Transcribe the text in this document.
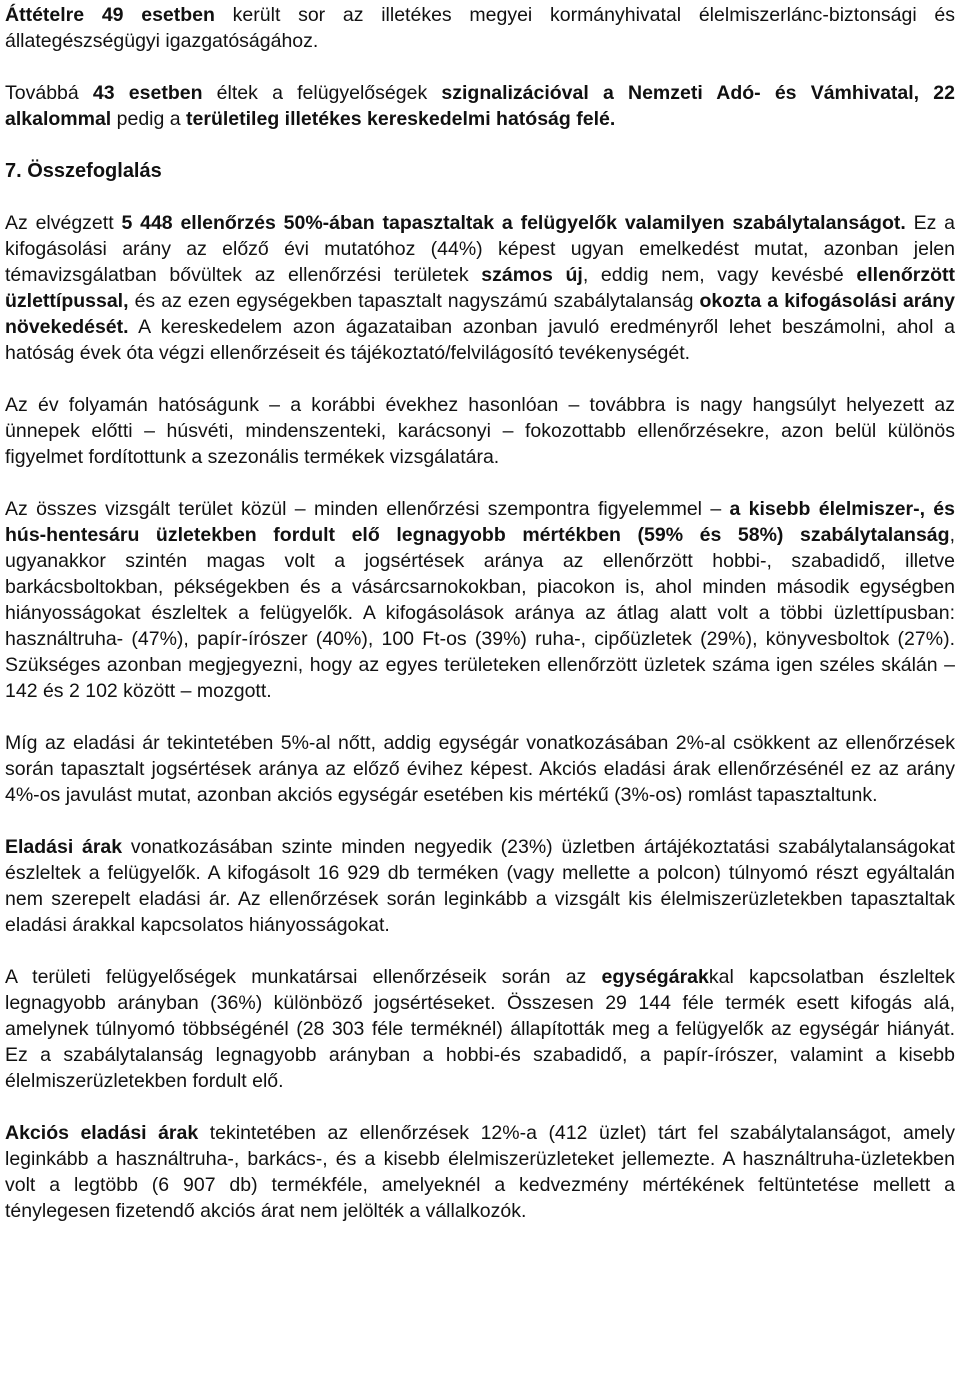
Áttételre 49 esetben került sor az illetékes megyei kormányhivatal élelmiszerlánc-biztonsági és állategészségügyi igazgatóságához.

Továbbá 43 esetben éltek a felügyelőségek szignalizációval a Nemzeti Adó- és Vámhivatal, 22 alkalommal pedig a területileg illetékes kereskedelmi hatóság felé.

7. Összefoglalás

Az elvégzett 5 448 ellenőrzés 50%-ában tapasztaltak a felügyelők valamilyen szabálytalanságot. Ez a kifogásolási arány az előző évi mutatóhoz (44%) képest ugyan emelkedést mutat, azonban jelen témavizsgálatban bővültek az ellenőrzési területek számos új, eddig nem, vagy kevésbé ellenőrzött üzlettípussal, és az ezen egységekben tapasztalt nagyszámú szabálytalanság okozta a kifogásolási arány növekedését. A kereskedelem azon ágazataiban azonban javuló eredményről lehet beszámolni, ahol a hatóság évek óta végzi ellenőrzéseit és tájékoztató/felvilágosító tevékenységét.

Az év folyamán hatóságunk – a korábbi évekhez hasonlóan – továbbra is nagy hangsúlyt helyezett az ünnepek előtti – húsvéti, mindenszenteki, karácsonyi – fokozottabb ellenőrzésekre, azon belül különös figyelmet fordítottunk a szezonális termékek vizsgálatára.

Az összes vizsgált terület közül – minden ellenőrzési szempontra figyelemmel – a kisebb élelmiszer-, és hús-hentesáru üzletekben fordult elő legnagyobb mértékben (59% és 58%) szabálytalanság, ugyanakkor szintén magas volt a jogsértések aránya az ellenőrzött hobbi-, szabadidő, illetve barkácsboltokban, pékségekben és a vásárcsarnokokban, piacokon is, ahol minden második egységben hiányosságokat észleltek a felügyelők. A kifogásolások aránya az átlag alatt volt a többi üzlettípusban: használtruha- (47%), papír-írószer (40%), 100 Ft-os (39%) ruha-, cipőüzletek (29%), könyvesboltok (27%). Szükséges azonban megjegyezni, hogy az egyes területeken ellenőrzött üzletek száma igen széles skálán – 142 és 2 102 között – mozgott.

Míg az eladási ár tekintetében 5%-al nőtt, addig egységár vonatkozásában 2%-al csökkent az ellenőrzések során tapasztalt jogsértések aránya az előző évihez képest. Akciós eladási árak ellenőrzésénél ez az arány 4%-os javulást mutat, azonban akciós egységár esetében kis mértékű (3%-os) romlást tapasztaltunk.

Eladási árak vonatkozásában szinte minden negyedik (23%) üzletben ártájékoztatási szabálytalanságokat észleltek a felügyelők. A kifogásolt 16 929 db terméken (vagy mellette a polcon) túlnyomó részt egyáltalán nem szerepelt eladási ár. Az ellenőrzések során leginkább a vizsgált kis élelmiszerüzletekben tapasztaltak eladási árakkal kapcsolatos hiányosságokat.

A területi felügyelőségek munkatársai ellenőrzéseik során az egységárakkal kapcsolatban észleltek legnagyobb arányban (36%) különböző jogsértéseket. Összesen 29 144 féle termék esett kifogás alá, amelynek túlnyomó többségénél (28 303 féle terméknél) állapították meg a felügyelők az egységár hiányát. Ez a szabálytalanság legnagyobb arányban a hobbi-és szabadidő, a papír-írószer, valamint a kisebb élelmiszerüzletekben fordult elő.

Akciós eladási árak tekintetében az ellenőrzések 12%-a (412 üzlet) tárt fel szabálytalanságot, amely leginkább a használtruha-, barkács-, és a kisebb élelmiszerüzleteket jellemezte. A használtruha-üzletekben volt a legtöbb (6 907 db) termékféle, amelyeknél a kedvezmény mértékének feltüntetése mellett a ténylegesen fizetendő akciós árat nem jelölték a vállalkozók.
